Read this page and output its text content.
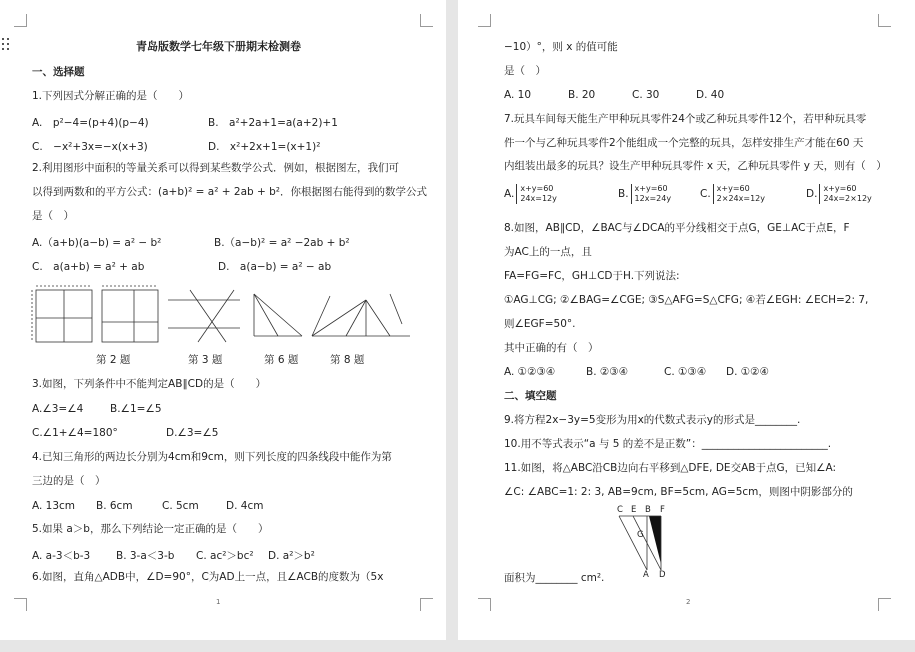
青岛版数学七年级下册期末检测卷
一、选择题
1.下列因式分解正确的是（　　）
A.　p²−4=(p+4)(p−4)	B.　a²+2a+1=a(a+2)+1
C.　−x²+3x=−x(x+3)	D.　x²+2x+1=(x+1)²
2.利用图形中面积的等量关系可以得到某些数学公式．例如，根据图左，我们可
以得到两数和的平方公式：(a+b)² = a² + 2ab + b²．你根据图右能得到的数学公式
是（　）
A.（a+b)(a−b) = a² − b²	B.（a−b)² = a² −2ab + b²
C.　a(a+b) = a² + ab	D.　a(a−b) = a² − ab
第 2 题	第 3 题	第 6 题	第 8 题
3.如图，下列条件中不能判定AB∥CD的是（　　）
A.∠3=∠4	B.∠1=∠5
C.∠1+∠4=180°	D.∠3=∠5
4.已知三角形的两边长分别为4cm和9cm，则下列长度的四条线段中能作为第
三边的是（　）
A. 13cm B. 6cm	C. 5cm	D. 4cm
5.如果 a＞b，那么下列结论一定正确的是（　　）
A. a-3＜b-3 B. 3-a＜3-b C. ac²＞bc² D. a²＞b²
6.如图，直角△ADB中，∠D=90°，C为AD上一点，且∠ACB的度数为（5x
1
−10）°，则 x 的值可能
是（　）
A. 10	B. 20	C. 30	D. 40
7.玩具车间每天能生产甲种玩具零件24个或乙种玩具零件12个，若甲种玩具零
件一个与乙种玩具零件2个能组成一个完整的玩具，怎样安排生产才能在60 天
内组装出最多的玩具？设生产甲种玩具零件 x 天，乙种玩具零件 y 天，则有（　）
A. x+y=60
24x=12y	B. x+y=60
12x=24y	C. x+y=60
2×24x=12y	D. x+y=60
24x=2×12y
8.如图，AB∥CD，∠BAC与∠DCA的平分线相交于点G，GE⊥AC于点E，F
为AC上的一点，且
FA=FG=FC，GH⊥CD于H.下列说法:
①AG⊥CG; ②∠BAG=∠CGE; ③S△AFG=S△CFG; ④若∠EGH: ∠ECH=2: 7,
则∠EGF=50°.
其中正确的有（　）
A. ①②③④	B. ②③④	C. ①③④ D. ①②④
二、填空题
9.将方程2x−3y=5变形为用x的代数式表示y的形式是________.
10.用不等式表示“a 与 5 的差不是正数”：________________________.
11.如图，将△ABC沿CB边向右平移到△DFE, DE交AB于点G，已知∠A:
∠C: ∠ABC=1: 2: 3, AB=9cm, BF=5cm, AG=5cm，则图中阴影部分的
C E B F
G
A D
面积为________ cm².
2
